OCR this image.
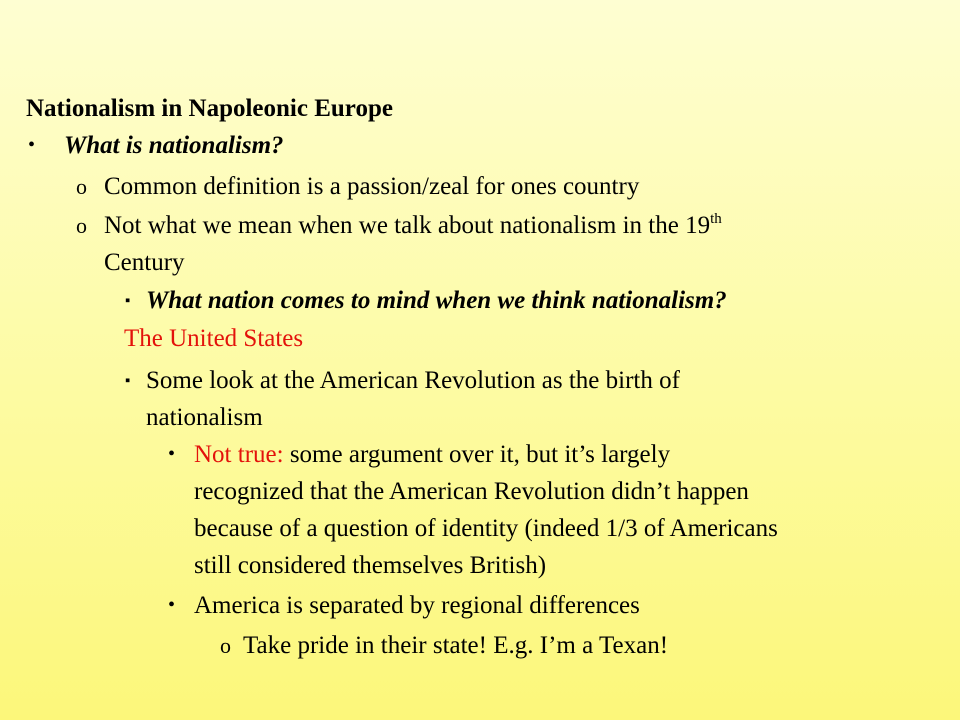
Nationalism in Napoleonic Europe
• What is nationalism?
o Common definition is a passion/zeal for ones country
o Not what we mean when we talk about nationalism in the 19th
Century
▪ What nation comes to mind when we think nationalism?
The United States
▪ Some look at the American Revolution as the birth of
nationalism
• Not true: some argument over it, but it’s largely
recognized that the American Revolution didn’t happen
because of a question of identity (indeed 1/3 of Americans
still considered themselves British)
• America is separated by regional differences
o Take pride in their state! E.g. I’m a Texan!
